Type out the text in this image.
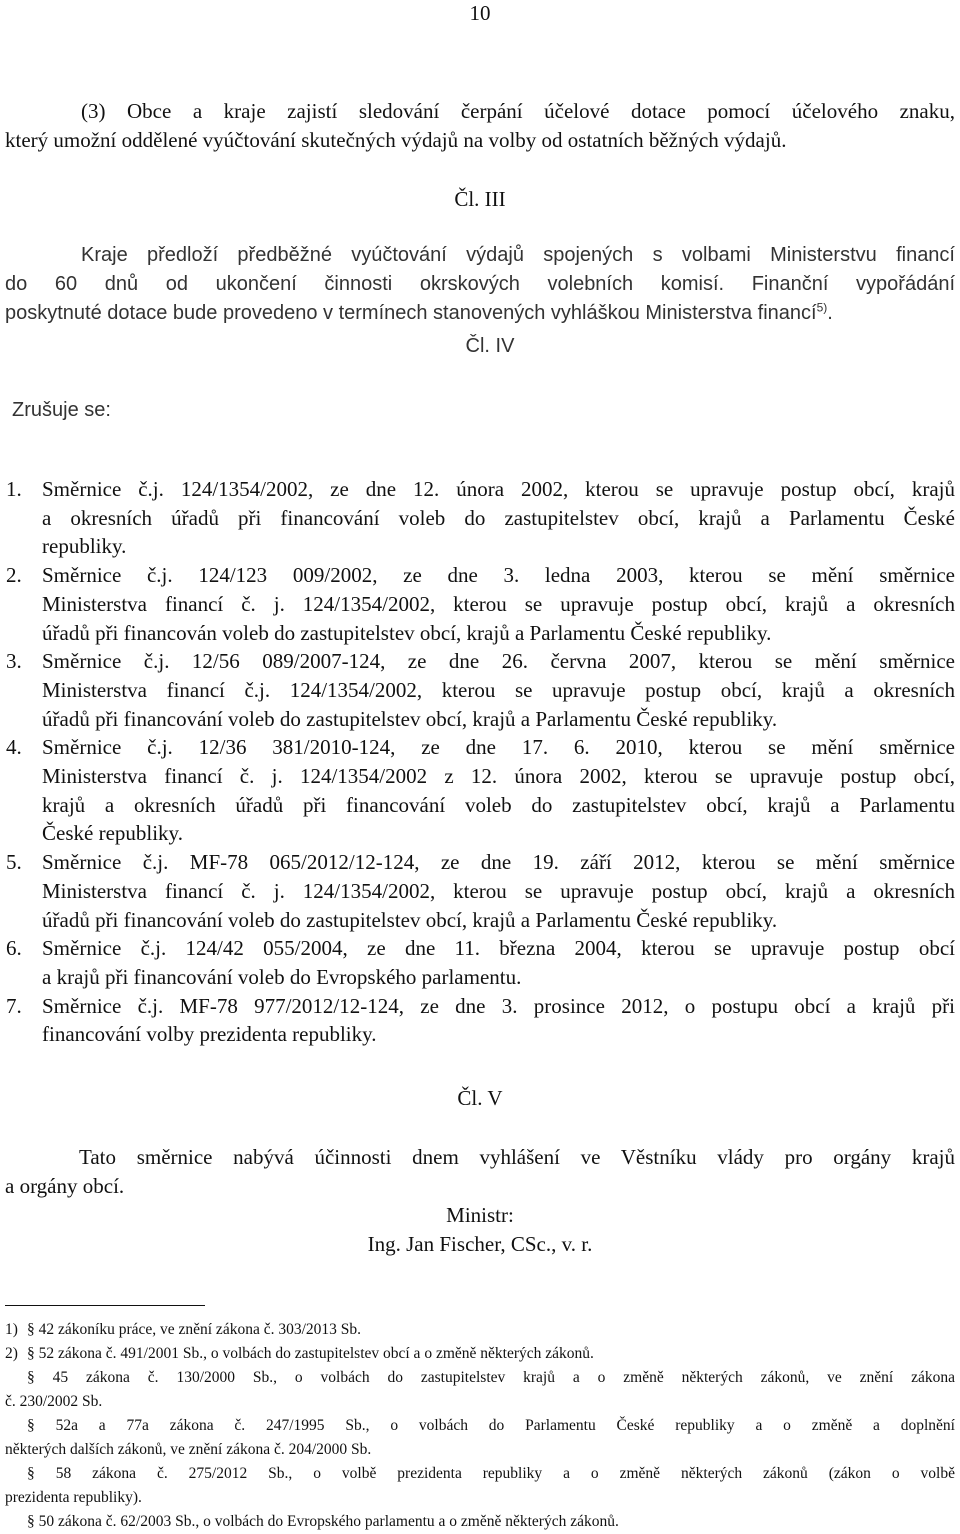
10
(3) Obce a kraje zajistí sledování čerpání účelové dotace pomocí účelového znaku,
který umožní oddělené vyúčtování skutečných výdajů na volby od ostatních běžných výdajů.
Čl. III
Kraje předloží předběžné vyúčtování výdajů spojených s volbami Ministerstvu financí
do 60 dnů od ukončení činnosti okrskových volebních komisí. Finanční vypořádání
poskytnuté dotace bude provedeno v termínech stanovených vyhláškou Ministerstva financí$^{5)}$.
Čl. IV
Zrušuje se:
1. Směrnice č.j. 124/1354/2002, ze dne 12. února 2002, kterou se upravuje postup obcí, krajů
a okresních úřadů při financování voleb do zastupitelstev obcí, krajů a Parlamentu České
republiky.
2. Směrnice č.j. 124/123 009/2002, ze dne 3. ledna 2003, kterou se mění směrnice
Ministerstva financí č. j. 124/1354/2002, kterou se upravuje postup obcí, krajů a okresních
úřadů při financován voleb do zastupitelstev obcí, krajů a Parlamentu České republiky.
3. Směrnice č.j. 12/56 089/2007-124, ze dne 26. června 2007, kterou se mění směrnice
Ministerstva financí č.j. 124/1354/2002, kterou se upravuje postup obcí, krajů a okresních
úřadů při financování voleb do zastupitelstev obcí, krajů a Parlamentu České republiky.
4. Směrnice č.j. 12/36 381/2010-124, ze dne 17. 6. 2010, kterou se mění směrnice
Ministerstva financí č. j. 124/1354/2002 z 12. února 2002, kterou se upravuje postup obcí,
krajů a okresních úřadů při financování voleb do zastupitelstev obcí, krajů a Parlamentu
České republiky.
5. Směrnice č.j. MF-78 065/2012/12-124, ze dne 19. září 2012, kterou se mění směrnice
Ministerstva financí č. j. 124/1354/2002, kterou se upravuje postup obcí, krajů a okresních
úřadů při financování voleb do zastupitelstev obcí, krajů a Parlamentu České republiky.
6. Směrnice č.j. 124/42 055/2004, ze dne 11. března 2004, kterou se upravuje postup obcí
a krajů při financování voleb do Evropského parlamentu.
7. Směrnice č.j. MF-78 977/2012/12-124, ze dne 3. prosince 2012, o postupu obcí a krajů při
financování volby prezidenta republiky.
Čl. V
Tato směrnice nabývá účinnosti dnem vyhlášení ve Věstníku vlády pro orgány krajů
a orgány obcí.
Ministr:
Ing. Jan Fischer, CSc., v. r.
1) § 42 zákoníku práce, ve znění zákona č. 303/2013 Sb.
2) § 52 zákona č. 491/2001 Sb., o volbách do zastupitelstev obcí a o změně některých zákonů.
§ 45 zákona č. 130/2000 Sb., o volbách do zastupitelstev krajů a o změně některých zákonů, ve znění zákona
č. 230/2002 Sb.
§ 52a a 77a zákona č. 247/1995 Sb., o volbách do Parlamentu České republiky a o změně a doplnění
některých dalších zákonů, ve znění zákona č. 204/2000 Sb.
§ 58 zákona č. 275/2012 Sb., o volbě prezidenta republiky a o změně některých zákonů (zákon o volbě
prezidenta republiky).
§ 50 zákona č. 62/2003 Sb., o volbách do Evropského parlamentu a o změně některých zákonů.
